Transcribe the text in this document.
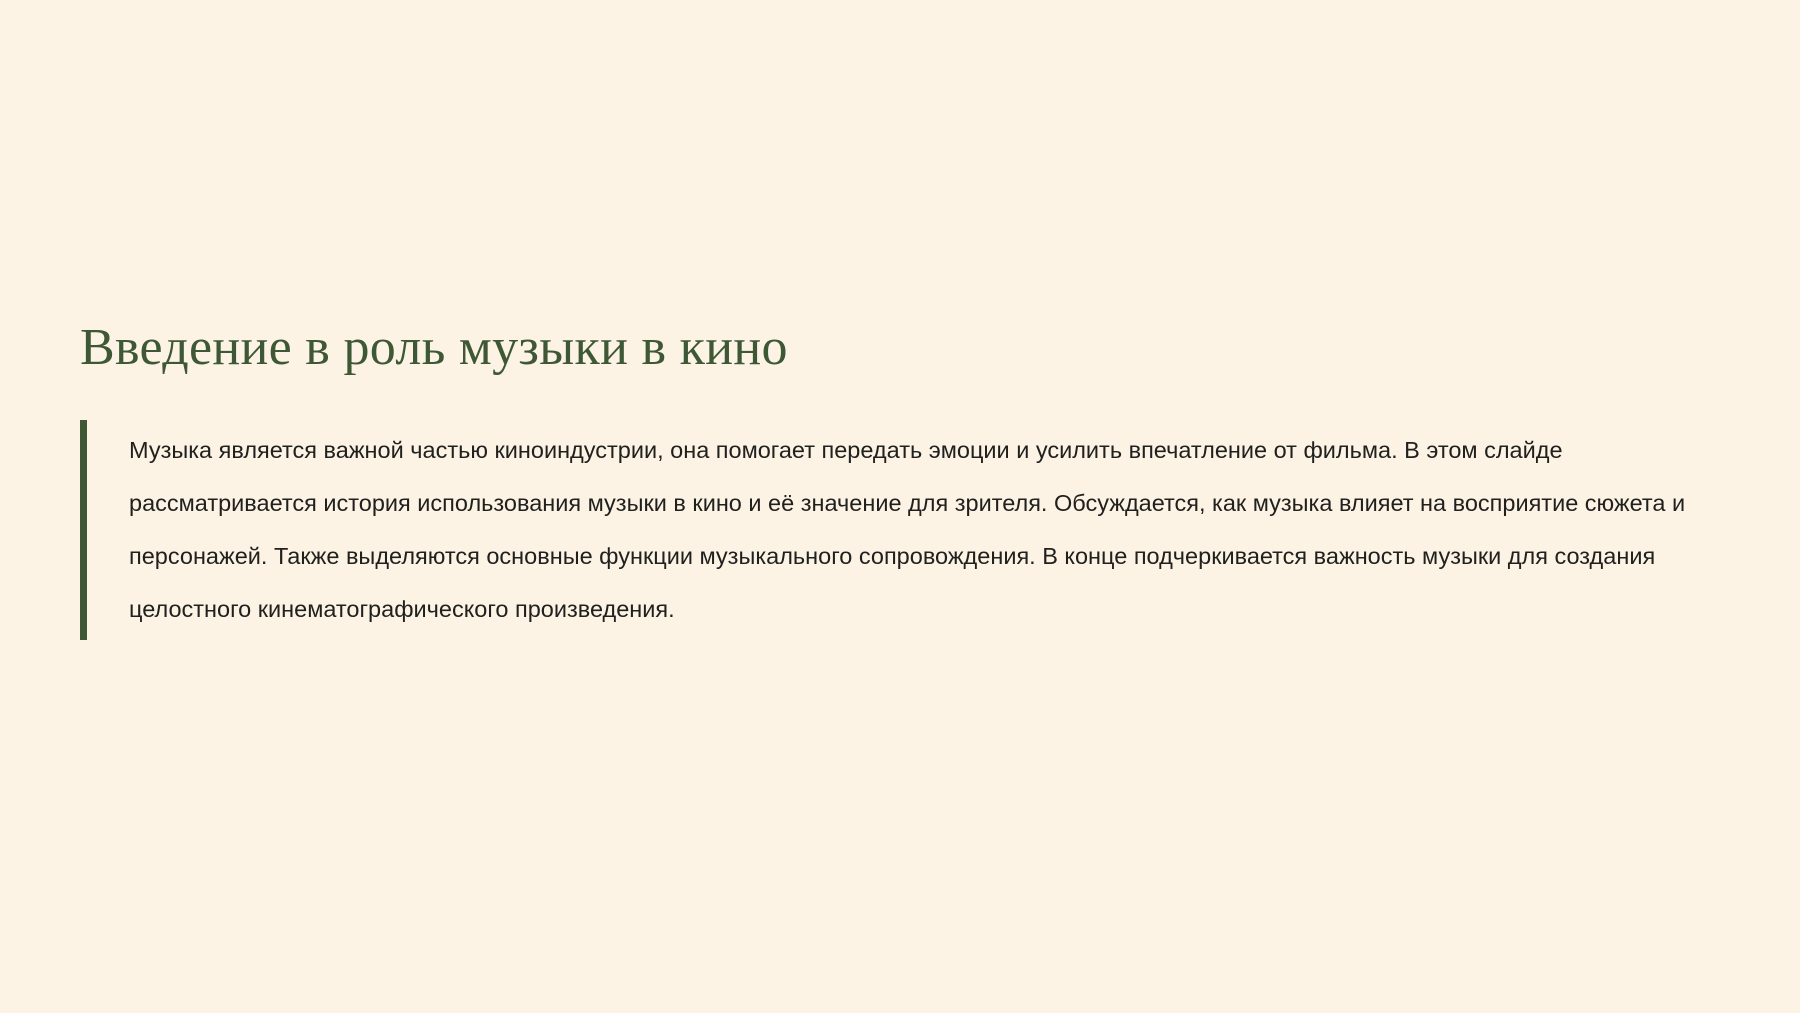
Введение в роль музыки в кино

Музыка является важной частью киноиндустрии, она помогает передать эмоции и усилить впечатление от фильма. В этом слайде рассматривается история использования музыки в кино и её значение для зрителя. Обсуждается, как музыка влияет на восприятие сюжета и персонажей. Также выделяются основные функции музыкального сопровождения. В конце подчеркивается важность музыки для создания целостного кинематографического произведения.
